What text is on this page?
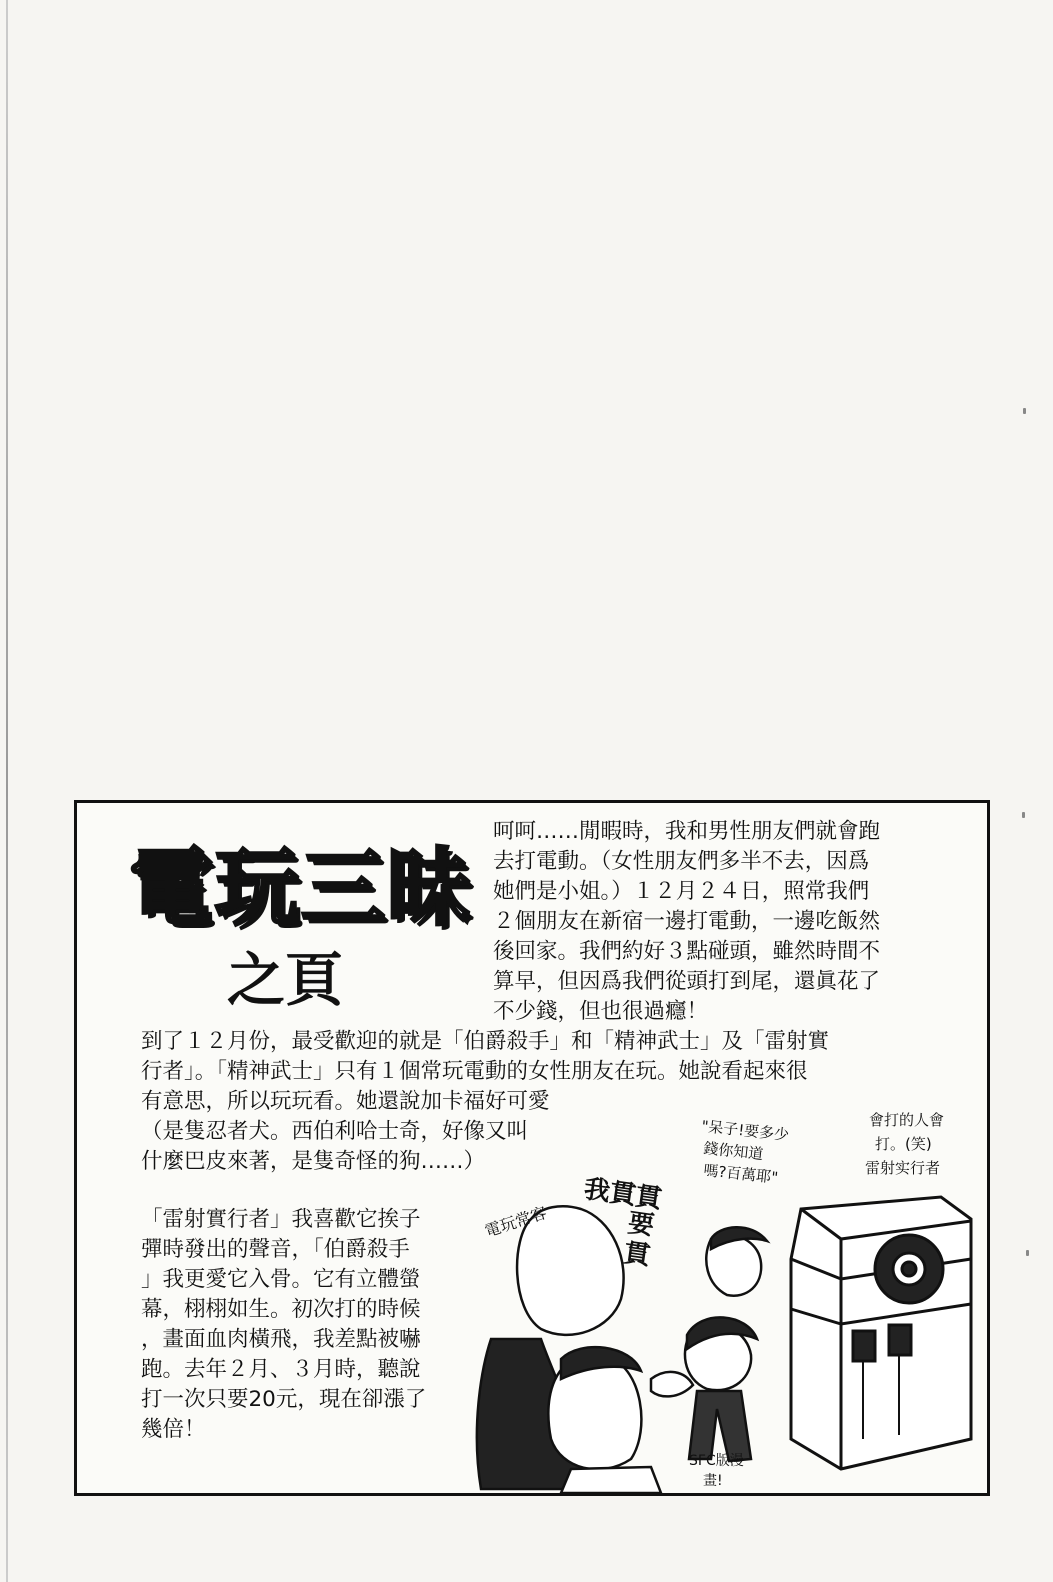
電玩三昧
之頁

呵呵……閒暇時，我和男性朋友們就會跑
去打電動。（女性朋友們多半不去，因爲
她們是小姐。）１２月２４日，照常我們
２個朋友在新宿一邊打電動，一邊吃飯然
後回家。我們約好３點碰頭，雖然時間不
算早，但因爲我們從頭打到尾，還眞花了
不少錢，但也很過癮！

到了１２月份，最受歡迎的就是「伯爵殺手」和「精神武士」及「雷射實
行者」。「精神武士」只有１個常玩電動的女性朋友在玩。她說看起來很
有意思，所以玩玩看。她還說加卡福好可愛
（是隻忍者犬。西伯利哈士奇，好像又叫
什麼巴皮來著，是隻奇怪的狗……）

「雷射實行者」我喜歡它挨子
彈時發出的聲音，「伯爵殺手
」我更愛它入骨。它有立體螢
幕，栩栩如生。初次打的時候
，畫面血肉橫飛，我差點被嚇
跑。去年２月、３月時，聽說
打一次只要20元，現在卻漲了
幾倍！

我貫貫
要
貫
電玩常客
"呆子!要多少
錢你知道
嗎?百萬耶"
會打的人會
打。(笑)
雷射实行者
SFC版漫
畫!
